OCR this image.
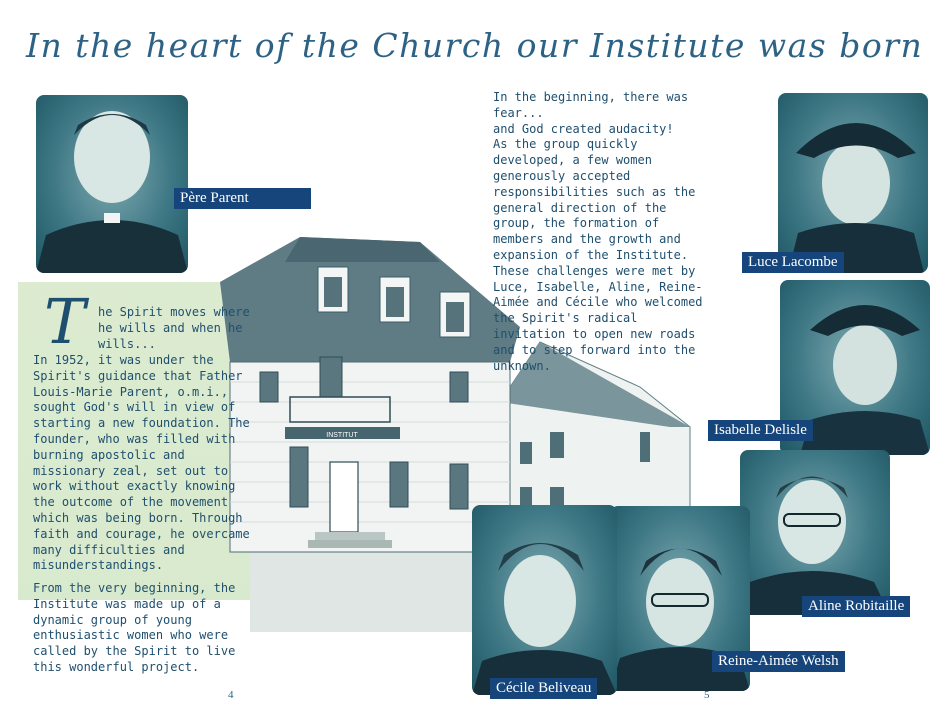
In the heart of the Church our Institute was born
INSTITUT
Père Parent
Luce Lacombe
Isabelle Delisle
Aline Robitaille
Reine-Aimée Welsh
Cécile Beliveau
T he Spirit moves where

he wills and when he

wills...

In 1952, it was under the Spirit's guidance that Father Louis-Marie Parent, o.m.i., sought God's will in view of starting a new foundation. The founder, who was filled with burning apostolic and missionary zeal, set out to work without exactly knowing the outcome of the movement which was being born. Through faith and courage, he overcame many difficulties and misunderstandings.
From the very beginning, the Institute was made up of a dynamic group of young enthusiastic women who were called by the Spirit to live this wonderful project.

In the beginning, there was fear...

and God created audacity!

As the group quickly developed, a few women generously accepted responsibilities such as the general direction of the group, the formation of members and the growth and expansion of the Institute. These challenges were met by Luce, Isabelle, Aline, Reine-Aimée and Cécile who welcomed the Spirit's radical invitation to open new roads and to step forward into the unknown.

4	5
